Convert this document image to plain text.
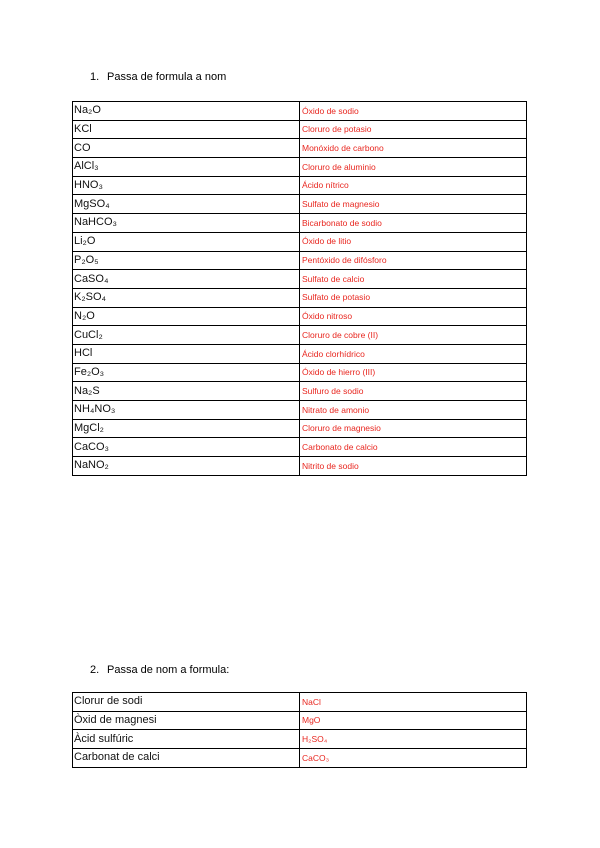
1. Passa de formula a nom
Na₂O	Óxido de sodio
KCl	Cloruro de potasio
CO	Monóxido de carbono
AlCl₃	Cloruro de aluminio
HNO₃	Ácido nítrico
MgSO₄	Sulfato de magnesio
NaHCO₃	Bicarbonato de sodio
Li₂O	Óxido de litio
P₂O₅	Pentóxido de difósforo
CaSO₄	Sulfato de calcio
K₂SO₄	Sulfato de potasio
N₂O	Óxido nitroso
CuCl₂	Cloruro de cobre (II)
HCl	Ácido clorhídrico
Fe₂O₃	Óxido de hierro (III)
Na₂S	Sulfuro de sodio
NH₄NO₃	Nitrato de amonio
MgCl₂	Cloruro de magnesio
CaCO₃	Carbonato de calcio
NaNO₂	Nitrito de sodio
2. Passa de nom a formula:
Clorur de sodi	NaCl
Òxid de magnesi	MgO
Àcid sulfúric	H₂SO₄
Carbonat de calci	CaCO₃
